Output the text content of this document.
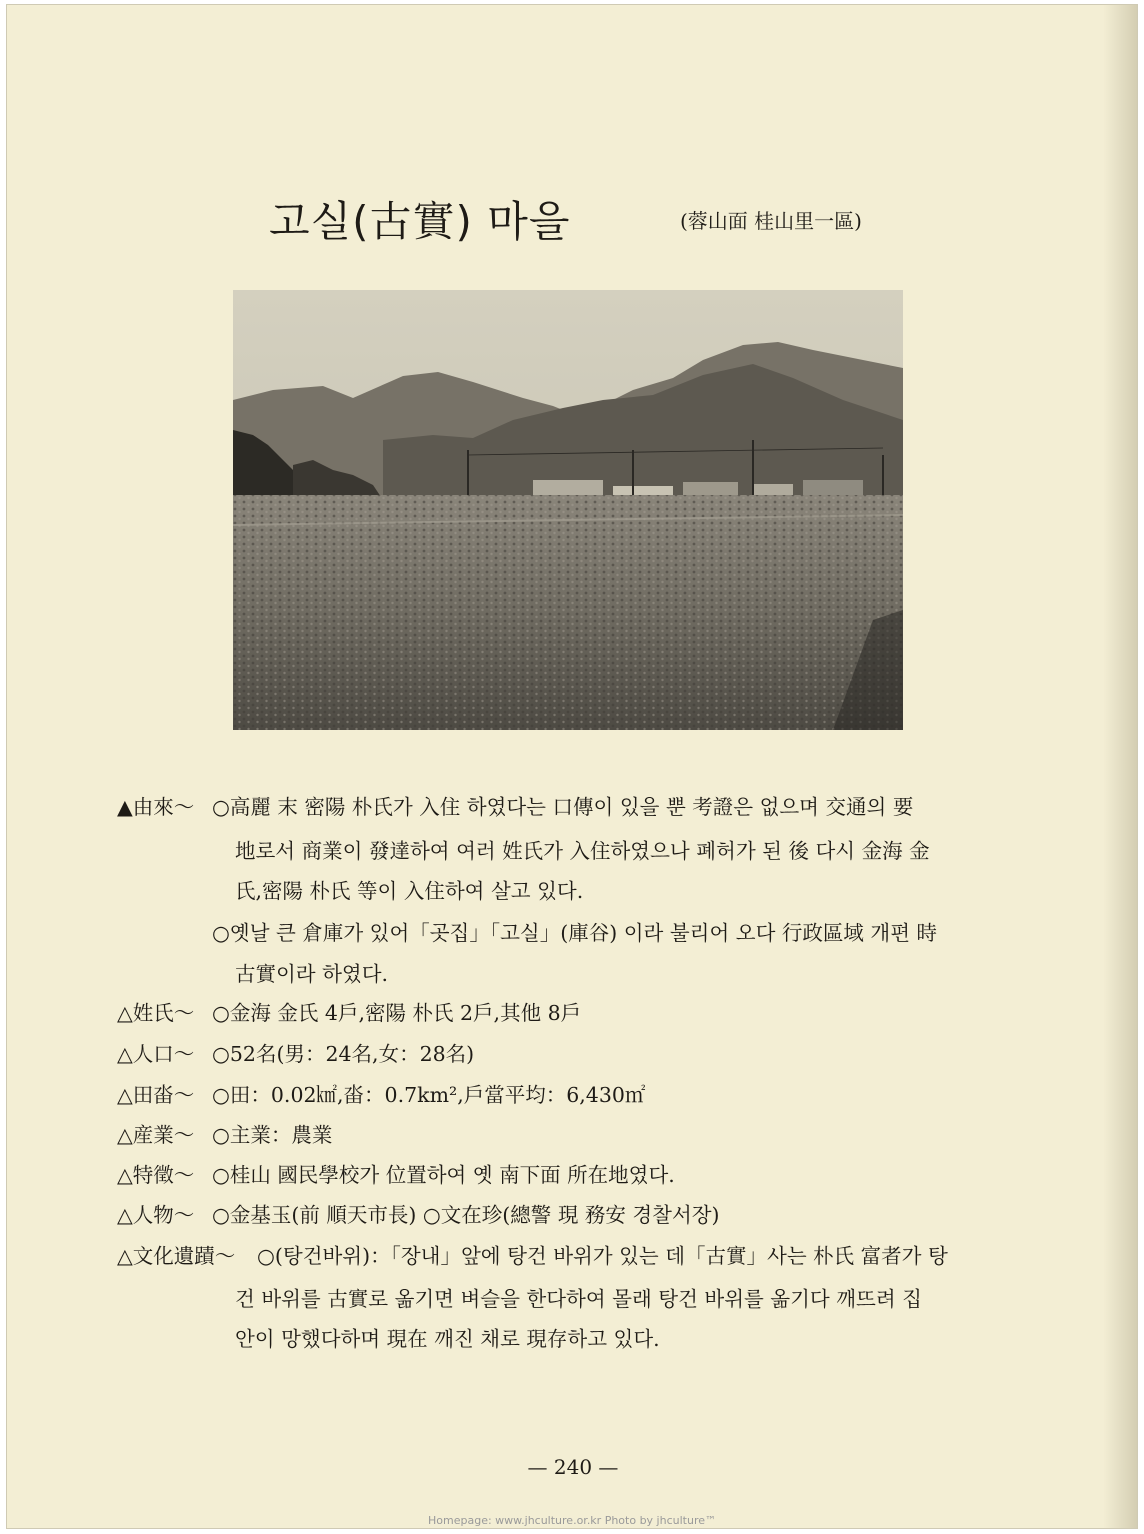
고실(古實) 마을	(蓉山面 桂山里一區)
▲由來～ ○高麗 末 密陽 朴氏가 入住 하였다는 口傳이 있을 뿐 考證은 없으며 交通의 要
地로서 商業이 發達하여 여러 姓氏가 入住하였으나 폐허가 된 後 다시 金海 金
氏,密陽 朴氏 等이 入住하여 살고 있다.
○옛날 큰 倉庫가 있어「곳집」「고실」(庫谷) 이라 불리어 오다 行政區域 개편 時
古實이라 하였다.
△姓氏～ ○金海 金氏 4戶,密陽 朴氏 2戶,其他 8戶
△人口～ ○52名(男：24名,女：28名)
△田畓～ ○田：0.02㎢,畓：0.7km²,戶當平均：6,430㎡
△産業～ ○主業：農業
△特徵～ ○桂山 國民學校가 位置하여 옛 南下面 所在地였다.
△人物～ ○金基玉(前 順天市長) ○文在珍(總警 現 務安 경찰서장)
△文化遺蹟～ ○(탕건바위)：「장내」앞에 탕건 바위가 있는 데「古實」사는 朴氏 富者가 탕
건 바위를 古實로 옮기면 벼슬을 한다하여 몰래 탕건 바위를 옮기다 깨뜨려 집
안이 망했다하며 現在 깨진 채로 現存하고 있다.
— 240 —
Homepage: www.jhculture.or.kr Photo by jhculture™
